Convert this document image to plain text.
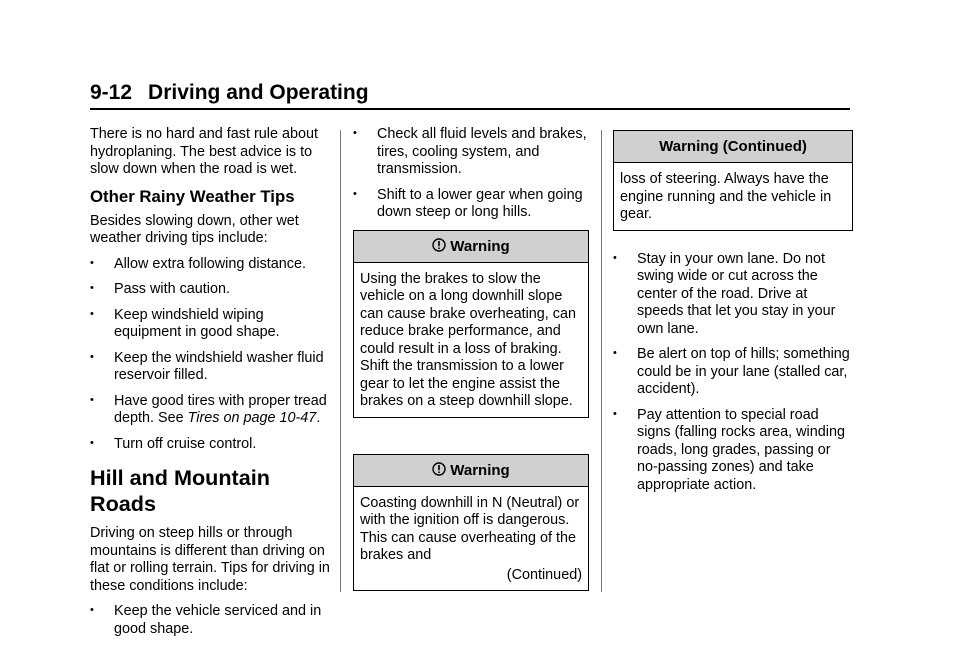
9-12 Driving and Operating

There is no hard and fast rule about hydroplaning. The best advice is to slow down when the road is wet.

Other Rainy Weather Tips

Besides slowing down, other wet weather driving tips include:

• Allow extra following distance.
• Pass with caution.
• Keep windshield wiping equipment in good shape.
• Keep the windshield washer fluid reservoir filled.
• Have good tires with proper tread depth. See Tires on page 10-47.
• Turn off cruise control.
Hill and Mountain Roads

Driving on steep hills or through mountains is different than driving on flat or rolling terrain. Tips for driving in these conditions include:

• Keep the vehicle serviced and in good shape.
• Check all fluid levels and brakes, tires, cooling system, and transmission.
• Shift to a lower gear when going down steep or long hills.
Warning
Using the brakes to slow the vehicle on a long downhill slope can cause brake overheating, can reduce brake performance, and could result in a loss of braking. Shift the transmission to a lower gear to let the engine assist the brakes on a steep downhill slope.
Warning

Coasting downhill in N (Neutral) or with the ignition off is dangerous. This can cause overheating of the brakes and

(Continued)

Warning (Continued)
loss of steering. Always have the engine running and the vehicle in gear.
• Stay in your own lane. Do not swing wide or cut across the center of the road. Drive at speeds that let you stay in your own lane.
• Be alert on top of hills; something could be in your lane (stalled car, accident).
• Pay attention to special road signs (falling rocks area, winding roads, long grades, passing or no-passing zones) and take appropriate action.
